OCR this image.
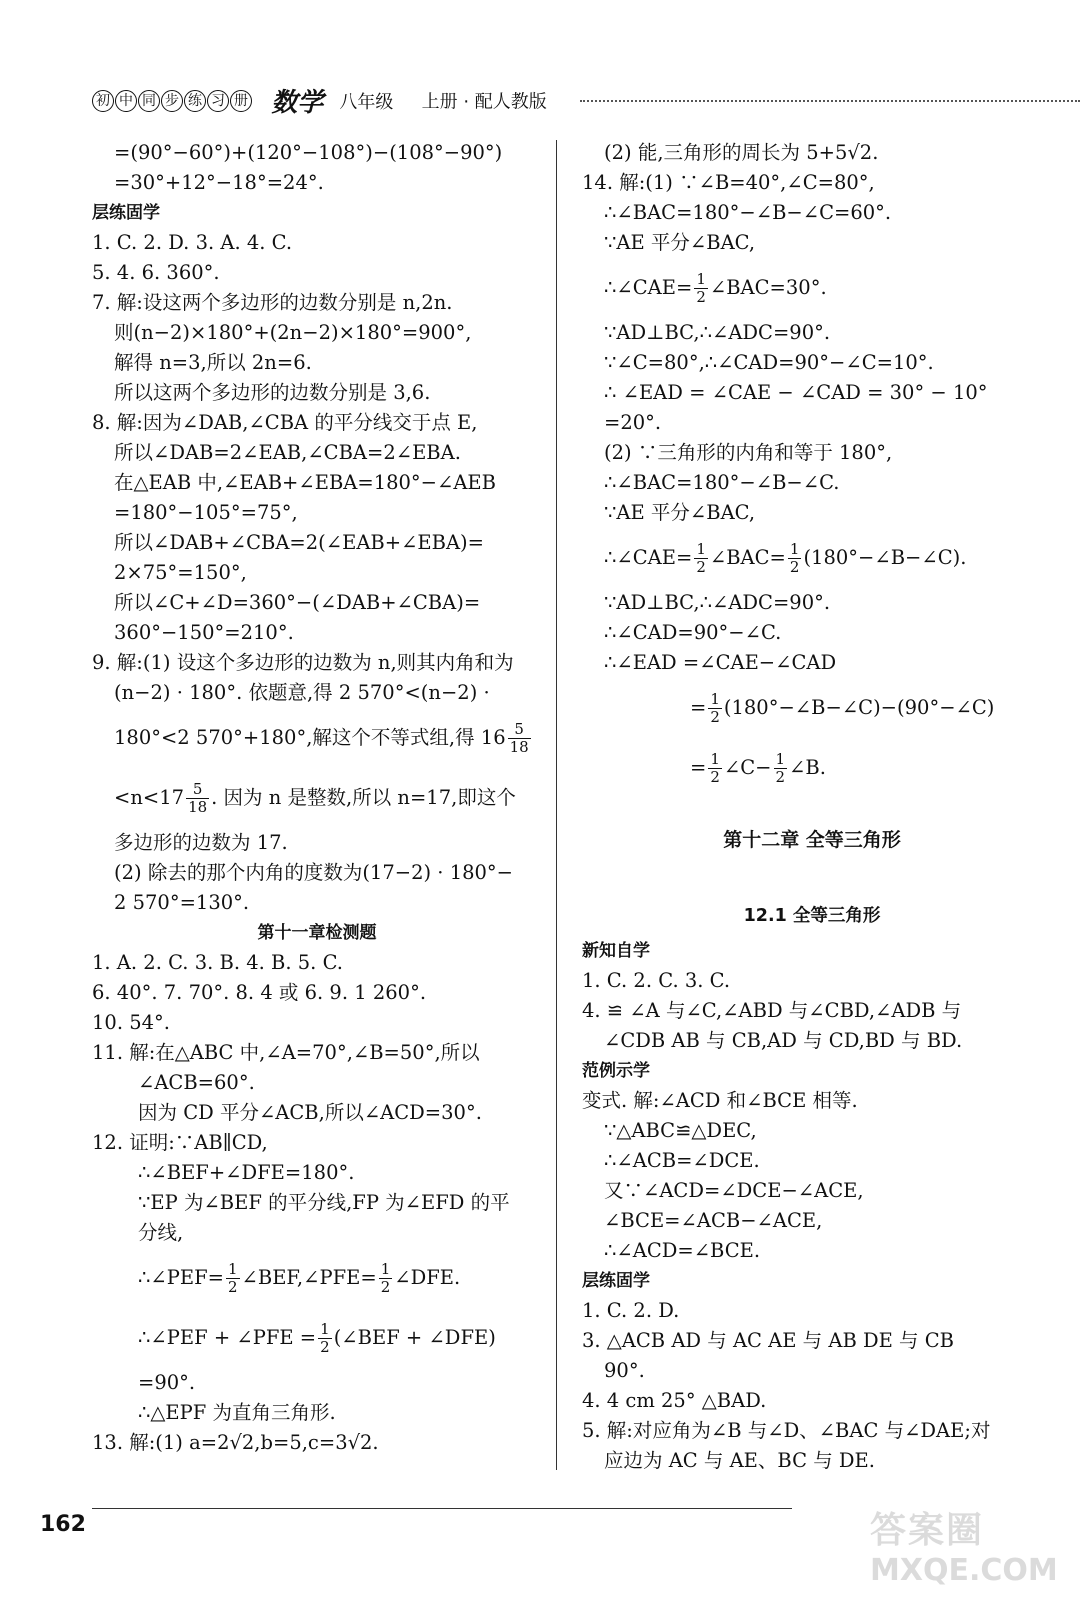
初 中 同 步 练 习 册 数学 八年级 上册 · 配人教版
=(90°−60°)+(120°−108°)−(108°−90°)
=30°+12°−18°=24°.
层练固学
1. C. 2. D. 3. A. 4. C.
5. 4. 6. 360°.
7. 解:设这两个多边形的边数分别是 n,2n.
则(n−2)×180°+(2n−2)×180°=900°,
解得 n=3,所以 2n=6.
所以这两个多边形的边数分别是 3,6.
8. 解:因为∠DAB,∠CBA 的平分线交于点 E,
所以∠DAB=2∠EAB,∠CBA=2∠EBA.
在△EAB 中,∠EAB+∠EBA=180°−∠AEB
=180°−105°=75°,
所以∠DAB+∠CBA=2(∠EAB+∠EBA)=
2×75°=150°,
所以∠C+∠D=360°−(∠DAB+∠CBA)=
360°−150°=210°.
9. 解:(1) 设这个多边形的边数为 n,则其内角和为
(n−2) · 180°. 依题意,得 2 570°<(n−2) ·
180°<2 570°+180°,解这个不等式组,得 $16 \frac{5}{18}$
$<n<17 \frac{5}{18}$ . 因为 n 是整数,所以 n=17,即这个
多边形的边数为 17.
(2) 除去的那个内角的度数为(17−2) · 180°−
2 570°=130°.
第十一章检测题
1. A. 2. C. 3. B. 4. B. 5. C.
6. 40°. 7. 70°. 8. 4 或 6. 9. 1 260°.
10. 54°.
11. 解:在△ABC 中,∠A=70°,∠B=50°,所以
∠ACB=60°.
因为 CD 平分∠ACB,所以∠ACD=30°.
12. 证明:∵AB∥CD,
∴∠BEF+∠DFE=180°.
∵EP 为∠BEF 的平分线,FP 为∠EFD 的平
分线,
∴∠PEF= $\frac{1}{2}$ ∠BEF,∠PFE= $\frac{1}{2}$ ∠DFE.
∴∠PEF + ∠PFE = $\frac{1}{2}$ (∠BEF + ∠DFE)
=90°.
∴△EPF 为直角三角形.
13. 解:(1) a=2√2,b=5,c=3√2.
(2) 能,三角形的周长为 5+5√2.
14. 解:(1) ∵∠B=40°,∠C=80°,
∴∠BAC=180°−∠B−∠C=60°.
∵AE 平分∠BAC,
∴∠CAE= $\frac{1}{2}$ ∠BAC=30°.
∵AD⊥BC,∴∠ADC=90°.
∵∠C=80°,∴∠CAD=90°−∠C=10°.
∴ ∠EAD = ∠CAE − ∠CAD = 30° − 10°
=20°.
(2) ∵三角形的内角和等于 180°,
∴∠BAC=180°−∠B−∠C.
∵AE 平分∠BAC,
∴∠CAE= $\frac{1}{2}$ ∠BAC= $\frac{1}{2}$ (180°−∠B−∠C).
∵AD⊥BC,∴∠ADC=90°.
∴∠CAD=90°−∠C.
∴∠EAD =∠CAE−∠CAD
= $\frac{1}{2}$ (180°−∠B−∠C)−(90°−∠C)
= $\frac{1}{2}$ ∠C− $\frac{1}{2}$ ∠B.
第十二章 全等三角形
12.1 全等三角形
新知自学
1. C. 2. C. 3. C.
4. ≌ ∠A 与∠C,∠ABD 与∠CBD,∠ADB 与
∠CDB AB 与 CB,AD 与 CD,BD 与 BD.
范例示学
变式. 解:∠ACD 和∠BCE 相等.
∵△ABC≌△DEC,
∴∠ACB=∠DCE.
又∵∠ACD=∠DCE−∠ACE,
∠BCE=∠ACB−∠ACE,
∴∠ACD=∠BCE.
层练固学
1. C. 2. D.
3. △ACB AD 与 AC AE 与 AB DE 与 CB
90°.
4. 4 cm 25° △BAD.
5. 解:对应角为∠B 与∠D、∠BAC 与∠DAE;对
应边为 AC 与 AE、BC 与 DE.
162	答案圈
MXQE.COM
